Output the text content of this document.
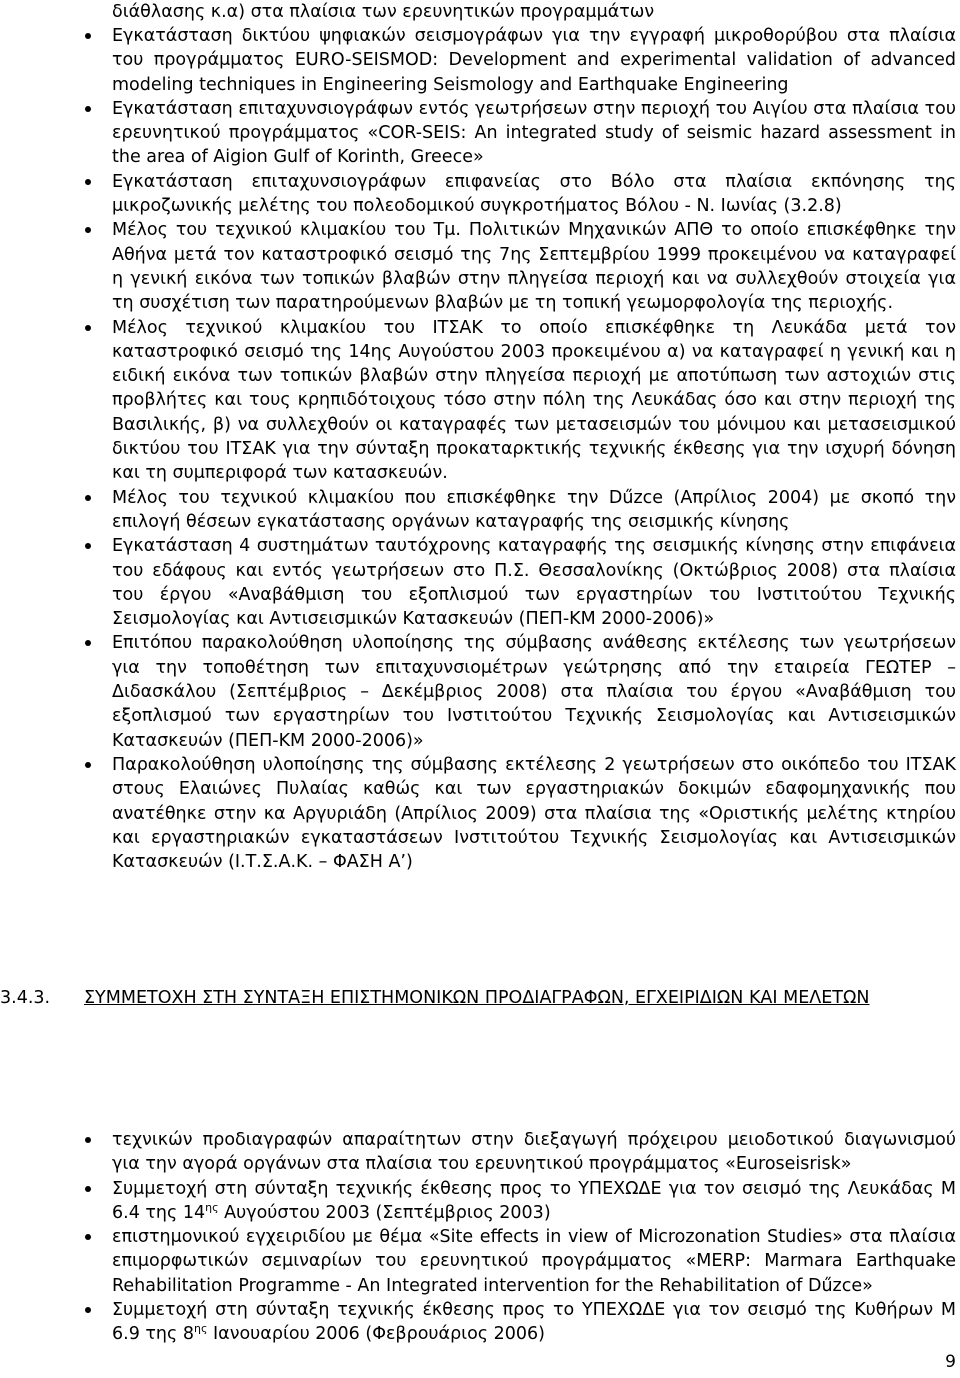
διάθλασης κ.α) στα πλαίσια των ερευνητικών προγραμμάτων
Εγκατάσταση δικτύου ψηφιακών σεισμογράφων για την εγγραφή μικροθορύβου στα πλαίσια του προγράμματος EURO-SEISMOD: Development and experimental validation of advanced modeling techniques in Engineering Seismology and Earthquake Engineering
Εγκατάσταση επιταχυνσιογράφων εντός γεωτρήσεων στην περιοχή του Αιγίου στα πλαίσια του ερευνητικού προγράμματος «COR-SEIS: An integrated study of seismic hazard assessment in the area of Aigion Gulf of Korinth, Greece»
Εγκατάσταση επιταχυνσιογράφων επιφανείας στο Βόλο στα πλαίσια εκπόνησης της μικροζωνικής μελέτης του πολεοδομικού συγκροτήματος Βόλου - Ν. Ιωνίας (3.2.8)
Μέλος του τεχνικού κλιμακίου του Τμ. Πολιτικών Μηχανικών ΑΠΘ το οποίο επισκέφθηκε την Αθήνα μετά τον καταστροφικό σεισμό της 7ης Σεπτεμβρίου 1999 προκειμένου να καταγραφεί η γενική εικόνα των τοπικών βλαβών στην πληγείσα περιοχή και να συλλεχθούν στοιχεία για τη συσχέτιση των παρατηρούμενων βλαβών με τη τοπική γεωμορφολογία της περιοχής.
Μέλος τεχνικού κλιμακίου του ΙΤΣΑΚ το οποίο επισκέφθηκε τη Λευκάδα μετά τον καταστροφικό σεισμό της 14ης Αυγούστου 2003 προκειμένου α) να καταγραφεί η γενική και η ειδική εικόνα των τοπικών βλαβών στην πληγείσα περιοχή με αποτύπωση των αστοχιών στις προβλήτες και τους κρηπιδότοιχους τόσο στην πόλη της Λευκάδας όσο και στην περιοχή της Βασιλικής, β) να συλλεχθούν οι καταγραφές των μετασεισμών του μόνιμου και μετασεισμικού δικτύου του ΙΤΣΑΚ για την σύνταξη προκαταρκτικής τεχνικής έκθεσης για την ισχυρή δόνηση και τη συμπεριφορά των κατασκευών.
Μέλος του τεχνικού κλιμακίου που επισκέφθηκε την Dűzce (Απρίλιος 2004) με σκοπό την επιλογή θέσεων εγκατάστασης οργάνων καταγραφής της σεισμικής κίνησης
Εγκατάσταση 4 συστημάτων ταυτόχρονης καταγραφής της σεισμικής κίνησης στην επιφάνεια του εδάφους και εντός γεωτρήσεων στο Π.Σ. Θεσσαλονίκης (Οκτώβριος 2008) στα πλαίσια του έργου «Αναβάθμιση του εξοπλισμού των εργαστηρίων του Ινστιτούτου Τεχνικής Σεισμολογίας και Αντισεισμικών Κατασκευών (ΠΕΠ-ΚΜ 2000-2006)»
Επιτόπου παρακολούθηση υλοποίησης της σύμβασης ανάθεσης εκτέλεσης των γεωτρήσεων για την τοποθέτηση των επιταχυνσιομέτρων γεώτρησης από την εταιρεία ΓΕΩΤΕΡ – Διδασκάλου (Σεπτέμβριος – Δεκέμβριος 2008) στα πλαίσια του έργου «Αναβάθμιση του εξοπλισμού των εργαστηρίων του Ινστιτούτου Τεχνικής Σεισμολογίας και Αντισεισμικών Κατασκευών (ΠΕΠ-ΚΜ 2000-2006)»
Παρακολούθηση υλοποίησης της σύμβασης εκτέλεσης 2 γεωτρήσεων στο οικόπεδο του ΙΤΣΑΚ στους Ελαιώνες Πυλαίας καθώς και των εργαστηριακών δοκιμών εδαφομηχανικής που ανατέθηκε στην κα Αργυριάδη (Απρίλιος 2009) στα πλαίσια της «Οριστικής μελέτης κτηρίου και εργαστηριακών εγκαταστάσεων Ινστιτούτου Τεχνικής Σεισμολογίας και Αντισεισμικών Κατασκευών (Ι.Τ.Σ.Α.Κ. – ΦΑΣΗ Α’)
3.4.3. ΣΥΜΜΕΤΟΧΗ ΣΤΗ ΣΥΝΤΑΞΗ ΕΠΙΣΤΗΜΟΝΙΚΩΝ ΠΡΟΔΙΑΓΡΑΦΩΝ, ΕΓΧΕΙΡΙΔΙΩΝ ΚΑΙ ΜΕΛΕΤΩΝ
τεχνικών προδιαγραφών απαραίτητων στην διεξαγωγή πρόχειρου μειοδοτικού διαγωνισμού για την αγορά οργάνων στα πλαίσια του ερευνητικού προγράμματος «Euroseisrisk»
Συμμετοχή στη σύνταξη τεχνικής έκθεσης προς το ΥΠΕΧΩΔΕ για τον σεισμό της Λευκάδας Μ 6.4 της $14^{\eta\varsigma}$ Αυγούστου 2003 (Σεπτέμβριος 2003)
επιστημονικού εγχειριδίου με θέμα «Site effects in view of Microzonation Studies» στα πλαίσια επιμορφωτικών σεμιναρίων του ερευνητικού προγράμματος «MERP: Marmara Earthquake Rehabilitation Programme - An Integrated intervention for the Rehabilitation of Dűzce»
Συμμετοχή στη σύνταξη τεχνικής έκθεσης προς το ΥΠΕΧΩΔΕ για τον σεισμό της Κυθήρων Μ 6.9 της $8^{\eta\varsigma}$ Ιανουαρίου 2006 (Φεβρουάριος 2006)
9
